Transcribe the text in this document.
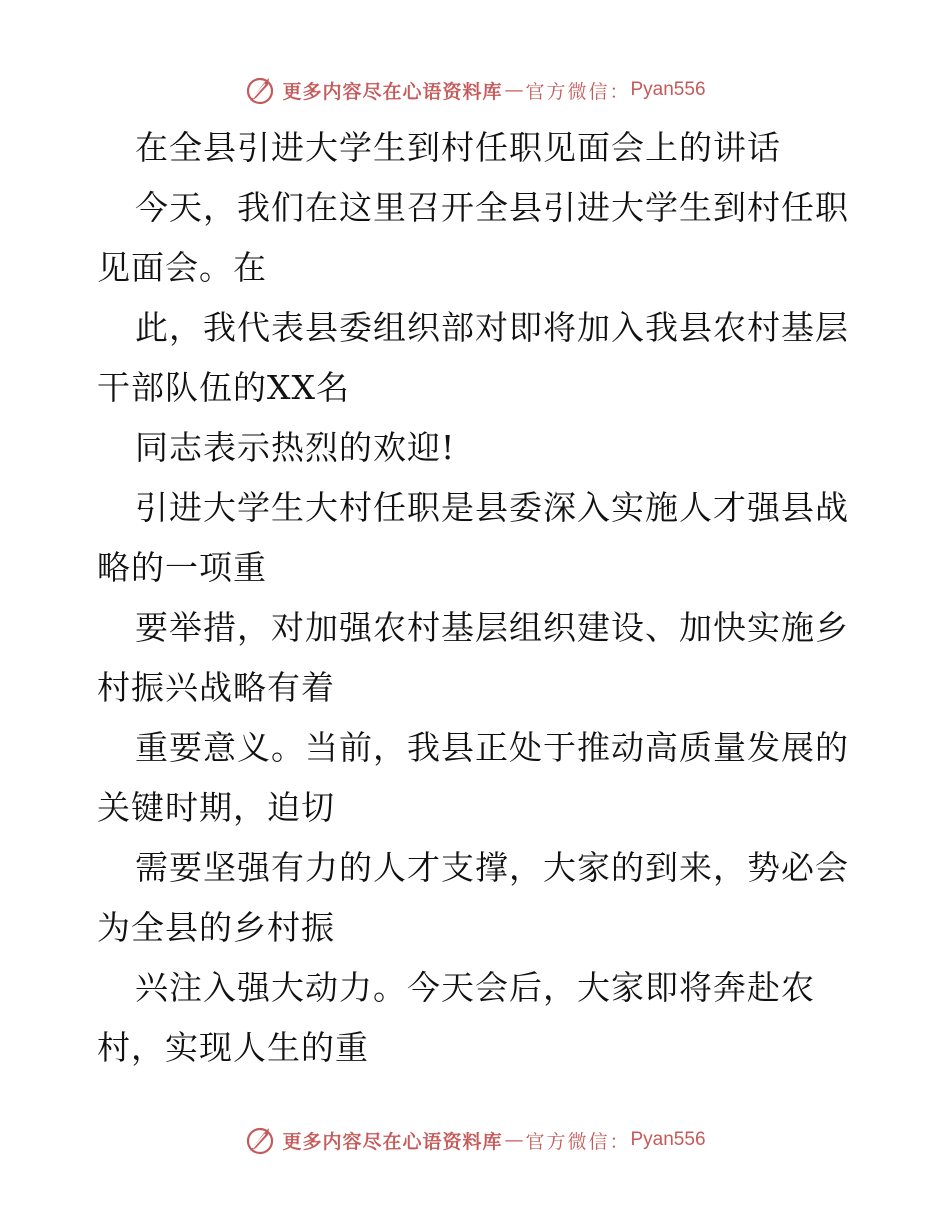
更多内容尽在心语资料库 — 官方微信： Pyan556
在全县引进大学生到村任职见面会上的讲话
今天，我们在这里召开全县引进大学生到村任职
见面会。在
此，我代表县委组织部对即将加入我县农村基层
干部队伍的XX名
同志表示热烈的欢迎!
引进大学生大村任职是县委深入实施人才强县战
略的一项重
要举措，对加强农村基层组织建设、加快实施乡
村振兴战略有着
重要意义。当前，我县正处于推动高质量发展的
关键时期，迫切
需要坚强有力的人才支撑，大家的到来，势必会
为全县的乡村振
兴注入强大动力。今天会后，大家即将奔赴农
村，实现人生的重
更多内容尽在心语资料库 — 官方微信： Pyan556
